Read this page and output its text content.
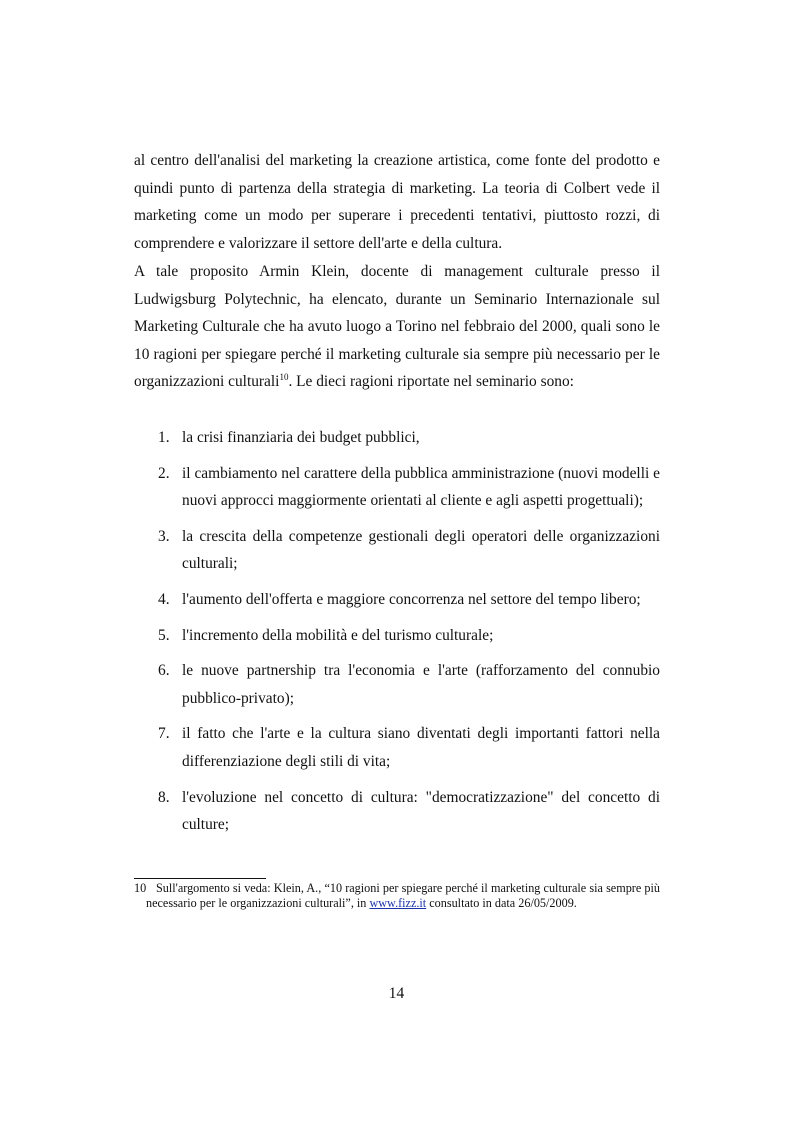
al centro dell'analisi del marketing la creazione artistica, come fonte del prodotto e quindi punto di partenza della strategia di marketing. La teoria di Colbert vede il marketing come un modo per superare i precedenti tentativi, piuttosto rozzi, di comprendere e valorizzare il settore dell'arte e della cultura.
A tale proposito Armin Klein, docente di management culturale presso il Ludwigsburg Polytechnic, ha elencato, durante un Seminario Internazionale sul Marketing Culturale che ha avuto luogo a Torino nel febbraio del 2000, quali sono le 10 ragioni per spiegare perché il marketing culturale sia sempre più necessario per le organizzazioni culturali$^{10}$. Le dieci ragioni riportate nel seminario sono:
1. la crisi finanziaria dei budget pubblici,
2. il cambiamento nel carattere della pubblica amministrazione (nuovi modelli e nuovi approcci maggiormente orientati al cliente e agli aspetti progettuali);
3. la crescita della competenze gestionali degli operatori delle organizzazioni culturali;
4. l'aumento dell'offerta e maggiore concorrenza nel settore del tempo libero;
5. l'incremento della mobilità e del turismo culturale;
6. le nuove partnership tra l'economia e l'arte (rafforzamento del connubio pubblico-privato);
7. il fatto che l'arte e la cultura siano diventati degli importanti fattori nella differenziazione degli stili di vita;
8. l'evoluzione nel concetto di cultura: "democratizzazione" del concetto di culture;
10 Sull'argomento si veda: Klein, A., “10 ragioni per spiegare perché il marketing culturale sia sempre più necessario per le organizzazioni culturali”, in www.fizz.it consultato in data 26/05/2009.
14
